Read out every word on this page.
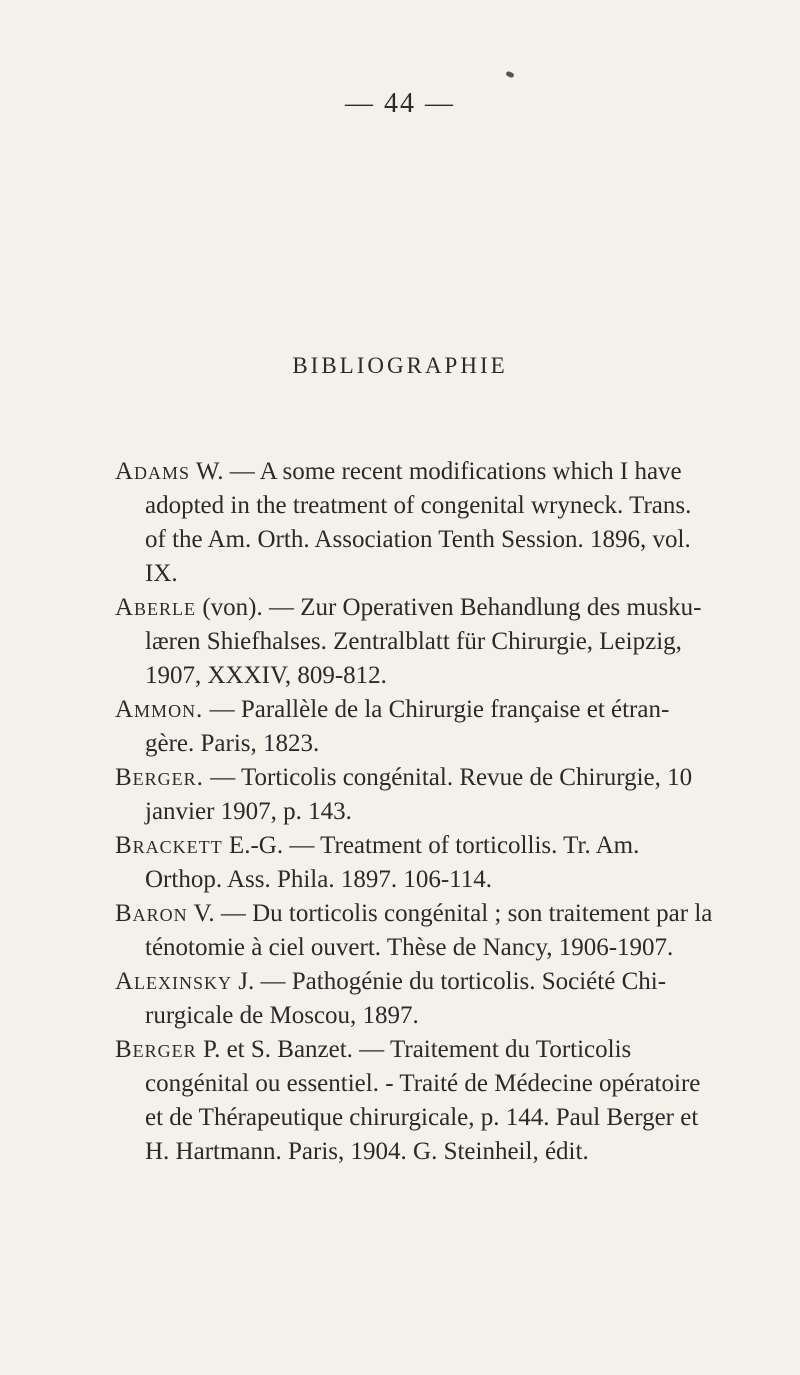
— 44 —
BIBLIOGRAPHIE

Adams W. — A some recent modifications which I have adopted in the treatment of congenital wryneck. Trans. of the Am. Orth. Association Tenth Session. 1896, vol. IX.

Aberle (von). — Zur Operativen Behandlung des musku-læren Shiefhalses. Zentralblatt für Chirurgie, Leipzig, 1907, XXXIV, 809-812.

Ammon. — Parallèle de la Chirurgie française et étran-gère. Paris, 1823.

Berger. — Torticolis congénital. Revue de Chirurgie, 10 janvier 1907, p. 143.

Brackett E.-G. — Treatment of torticollis. Tr. Am. Orthop. Ass. Phila. 1897. 106-114.

Baron V. — Du torticolis congénital ; son traitement par la ténotomie à ciel ouvert. Thèse de Nancy, 1906-1907.

Alexinsky J. — Pathogénie du torticolis. Société Chi-rurgicale de Moscou, 1897.

Berger P. et S. Banzet. — Traitement du Torticolis congénital ou essentiel. - Traité de Médecine opératoire et de Thérapeutique chirurgicale, p. 144. Paul Berger et H. Hartmann. Paris, 1904. G. Steinheil, édit.
